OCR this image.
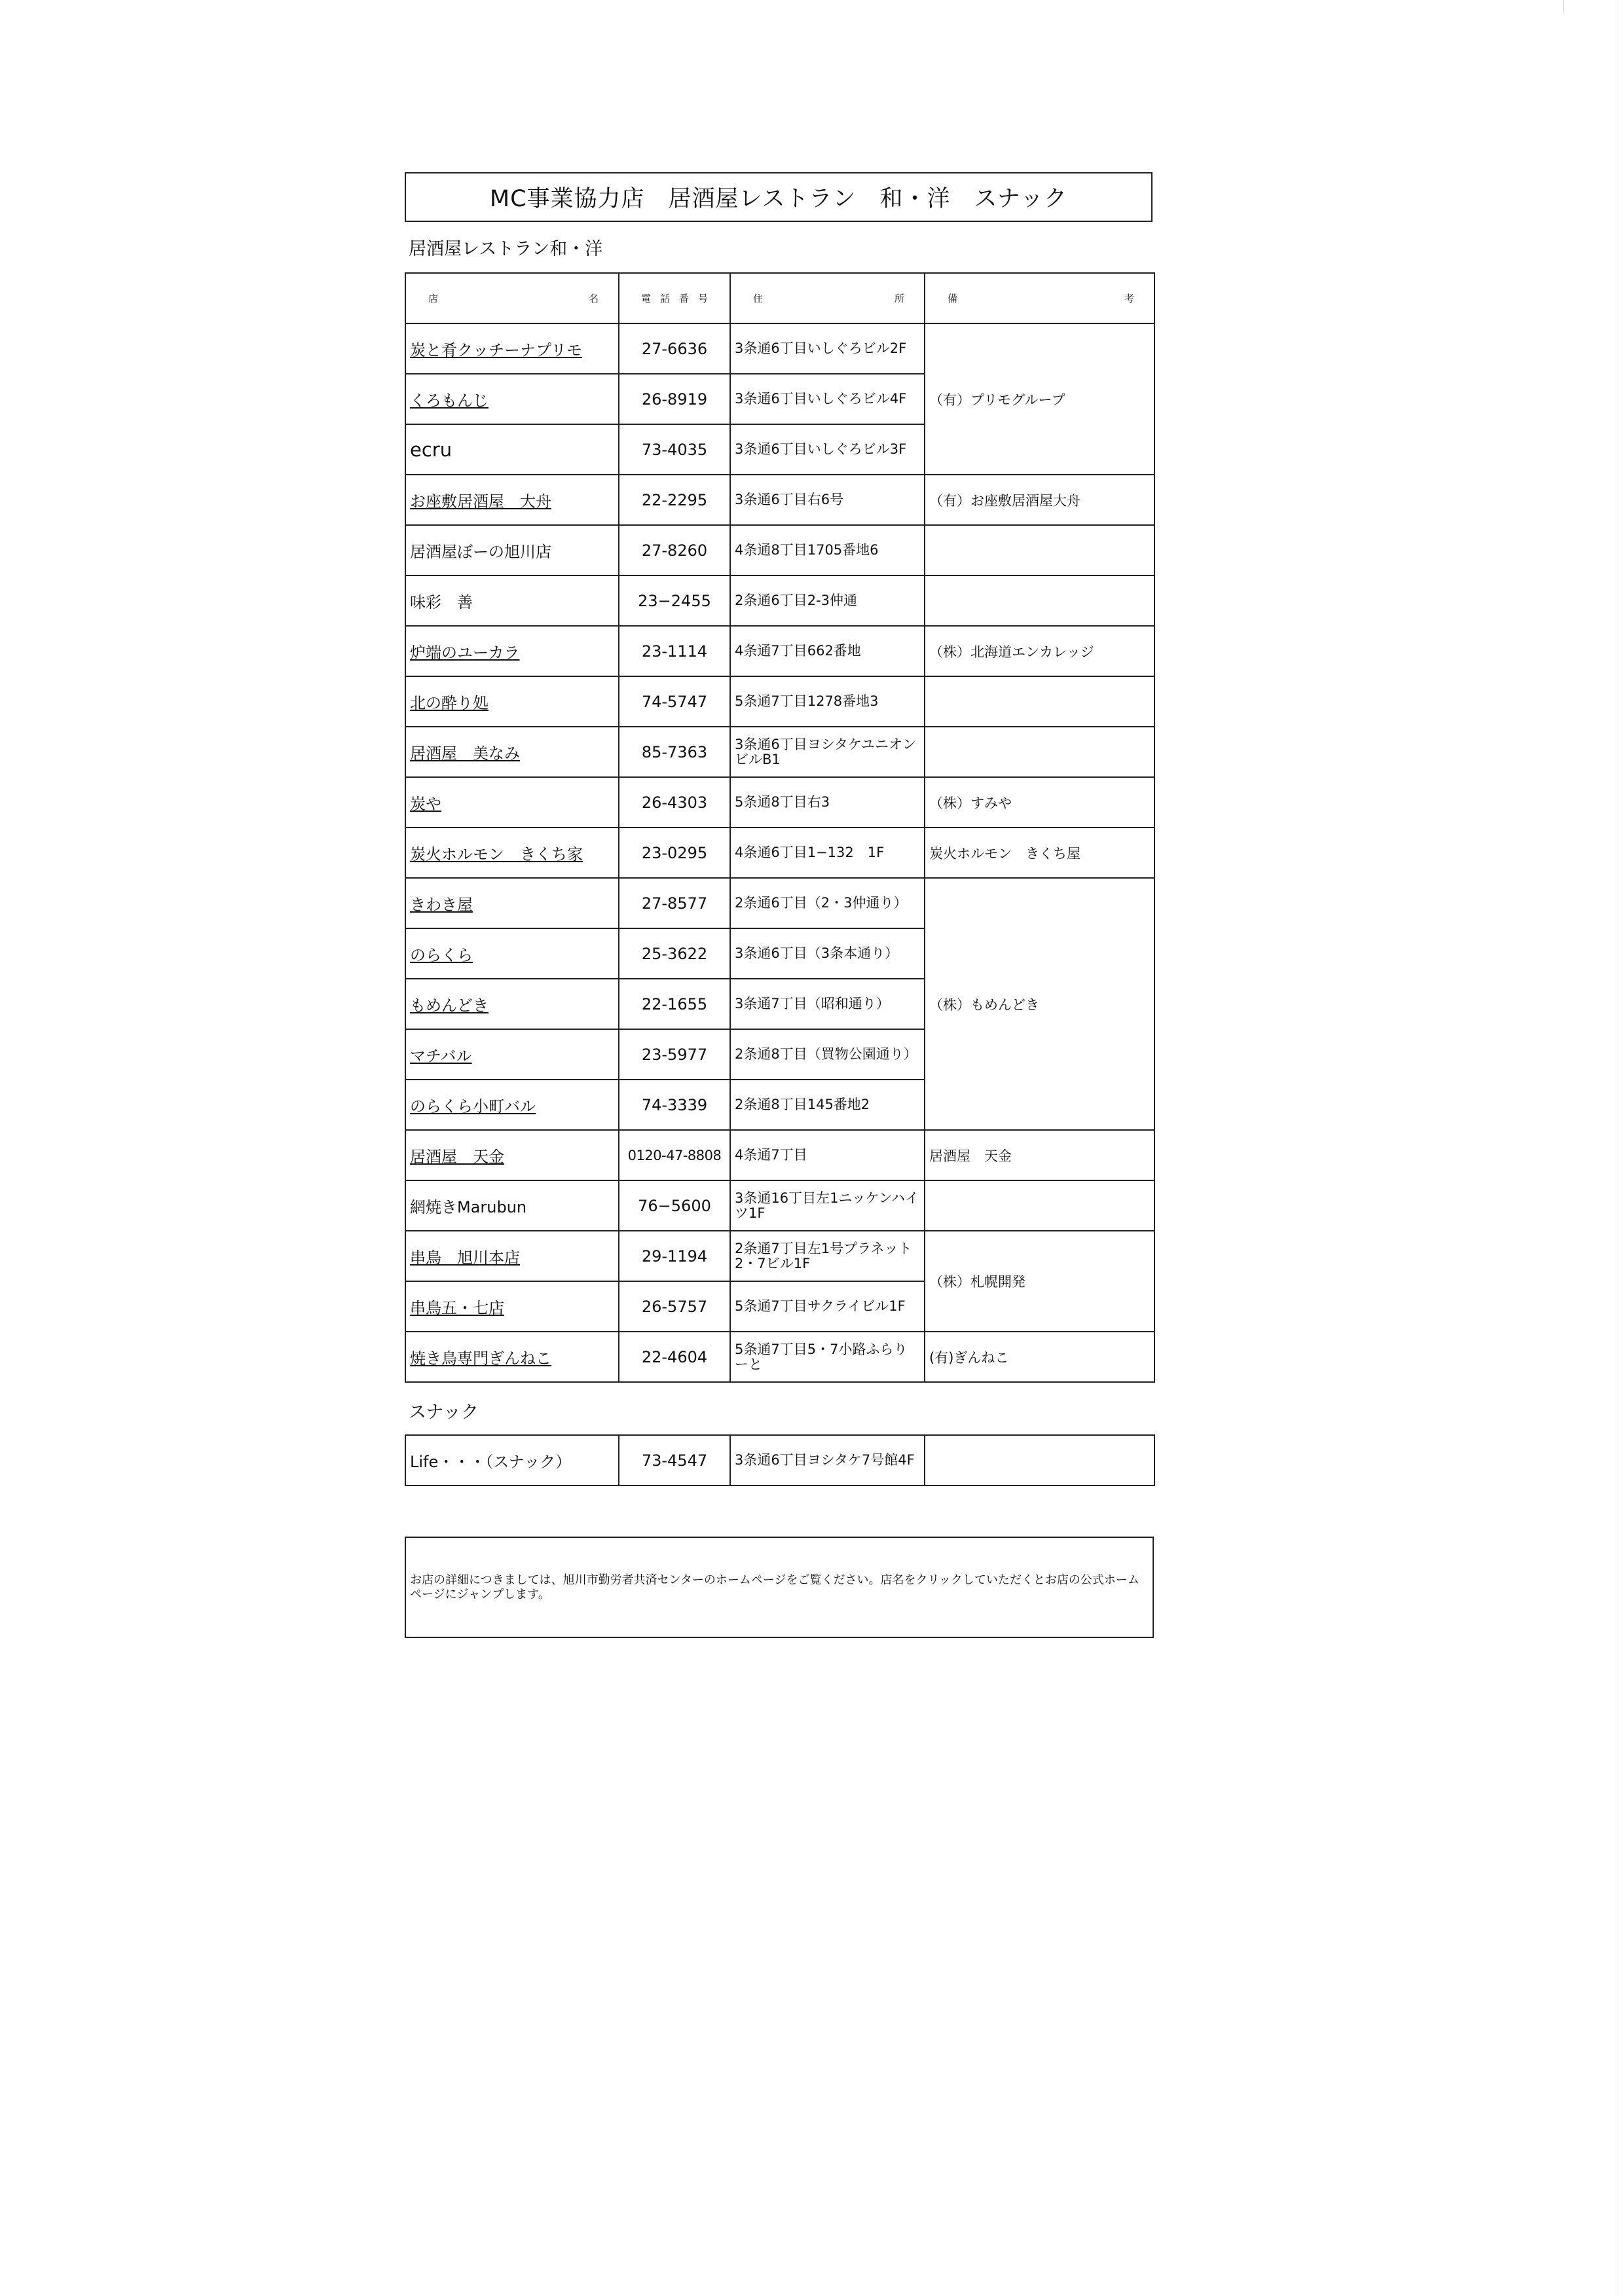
MC事業協力店　居酒屋レストラン　和・洋　スナック
居酒屋レストラン和・洋
店 名	電 話 番 号	住 所	備 考

炭と肴クッチーナプリモ	27-6636	3条通6丁目いしぐろビル2F	（有）プリモグループ
くろもんじ	26-8919	3条通6丁目いしぐろビル4F	
ecru	73-4035	3条通6丁目いしぐろビル3F	
お座敷居酒屋　大舟	22-2295	3条通6丁目右6号	（有）お座敷居酒屋大舟
居酒屋ぼーの旭川店	27-8260	4条通8丁目1705番地6	
味彩　善	23−2455	2条通6丁目2-3仲通	
炉端のユーカラ	23-1114	4条通7丁目662番地	（株）北海道エンカレッジ
北の酔り処	74-5747	5条通7丁目1278番地3	
居酒屋　美なみ	85-7363	3条通6丁目ヨシタケユニオンビルB1	
炭や	26-4303	5条通8丁目右3	（株）すみや
炭火ホルモン　きくち家	23-0295	4条通6丁目1−132　1F	炭火ホルモン　きくち屋
きわき屋	27-8577	2条通6丁目（2・3仲通り）	（株）もめんどき
のらくら	25-3622	3条通6丁目（3条本通り）	
もめんどき	22-1655	3条通7丁目（昭和通り）	
マチバル	23-5977	2条通8丁目（買物公園通り）	
のらくら小町バル	74-3339	2条通8丁目145番地2	
居酒屋　天金	0120-47-8808	4条通7丁目	居酒屋　天金
網焼きMarubun	76−5600	3条通16丁目左1ニッケンハイツ1F	
串鳥　旭川本店	29-1194	2条通7丁目左1号プラネット2・7ビル1F	（株）札幌開発
串鳥五・七店	26-5757	5条通7丁目サクライビル1F	
焼き鳥専門ぎんねこ	22-4604	5条通7丁目5・7小路ふらりーと	(有)ぎんねこ
スナック
Life・・・（スナック）	73-4547	3条通6丁目ヨシタケ7号館4F	
お店の詳細につきましては、旭川市勤労者共済センターのホームページをご覧ください。店名をクリックしていただくとお店の公式ホームページにジャンプします。
